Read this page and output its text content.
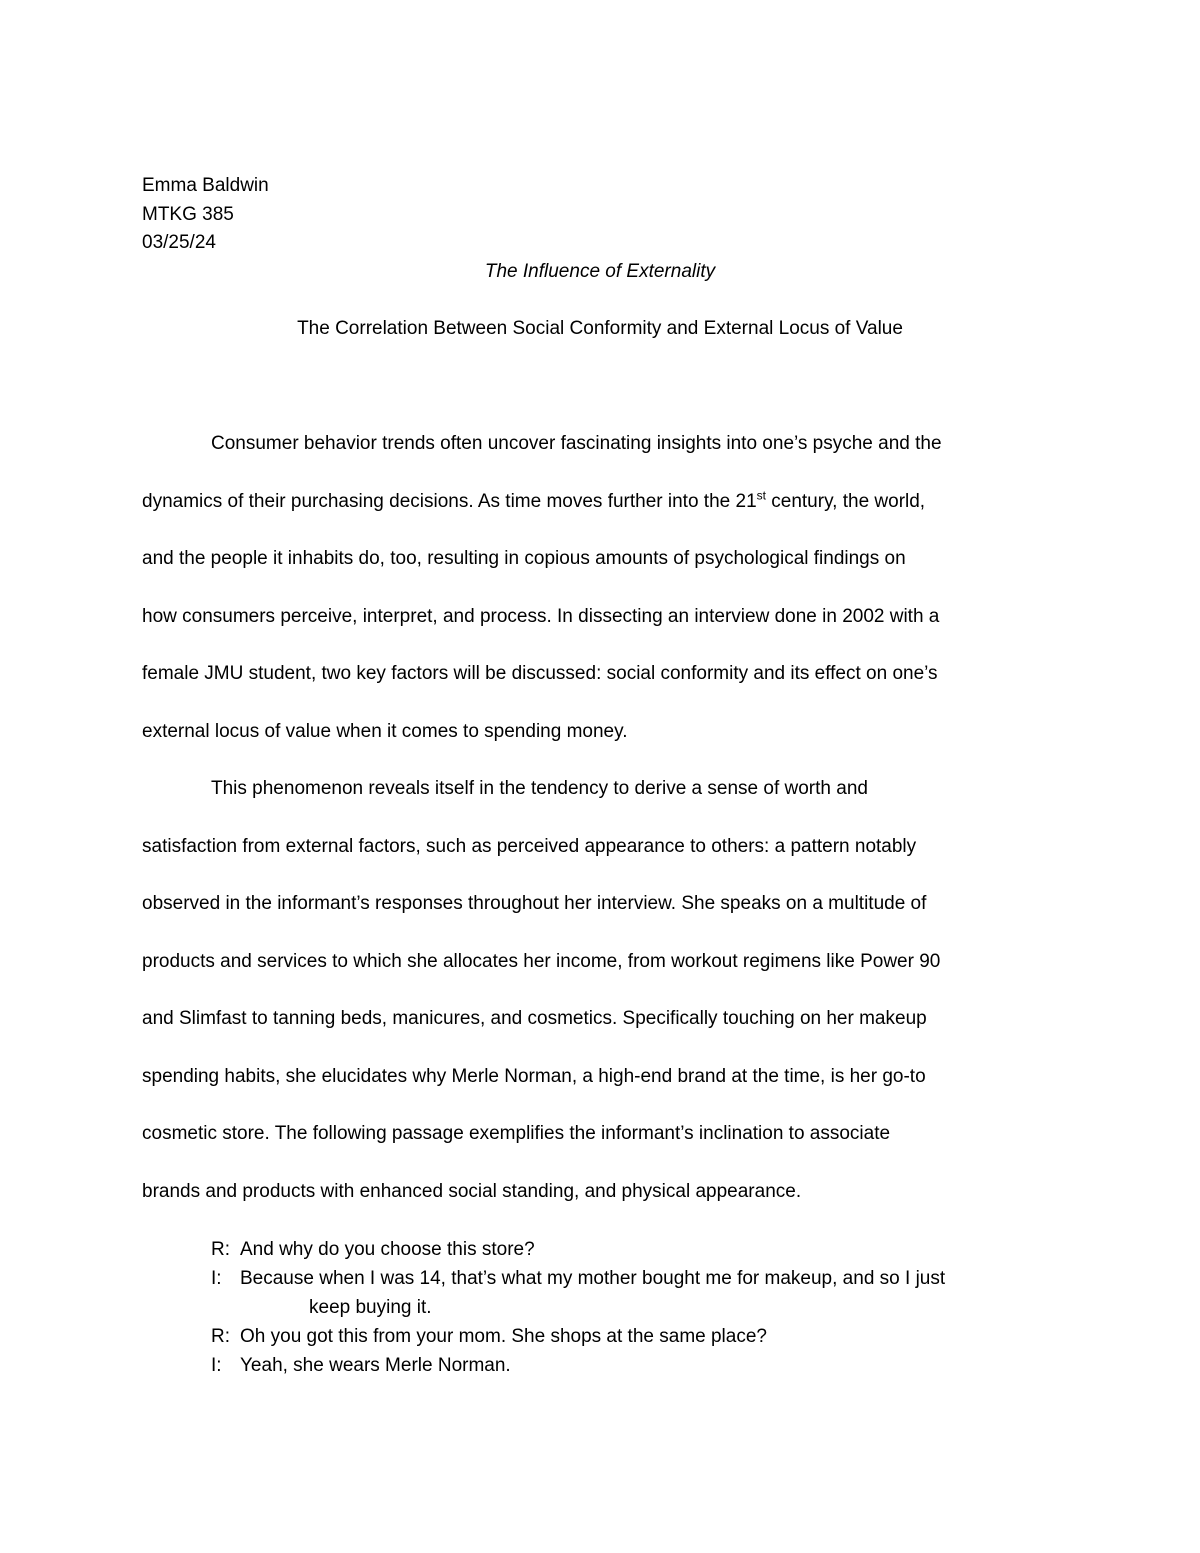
Emma Baldwin
MTKG 385
03/25/24
The Influence of Externality
The Correlation Between Social Conformity and External Locus of Value
Consumer behavior trends often uncover fascinating insights into one’s psyche and the
dynamics of their purchasing decisions. As time moves further into the 21st century, the world,
and the people it inhabits do, too, resulting in copious amounts of psychological findings on
how consumers perceive, interpret, and process. In dissecting an interview done in 2002 with a
female JMU student, two key factors will be discussed: social conformity and its effect on one’s
external locus of value when it comes to spending money.
This phenomenon reveals itself in the tendency to derive a sense of worth and
satisfaction from external factors, such as perceived appearance to others: a pattern notably
observed in the informant’s responses throughout her interview. She speaks on a multitude of
products and services to which she allocates her income, from workout regimens like Power 90
and Slimfast to tanning beds, manicures, and cosmetics. Specifically touching on her makeup
spending habits, she elucidates why Merle Norman, a high-end brand at the time, is her go-to
cosmetic store. The following passage exemplifies the informant’s inclination to associate
brands and products with enhanced social standing, and physical appearance.
R: And why do you choose this store?
I: Because when I was 14, that’s what my mother bought me for makeup, and so I just
keep buying it.
R: Oh you got this from your mom. She shops at the same place?
I: Yeah, she wears Merle Norman.
